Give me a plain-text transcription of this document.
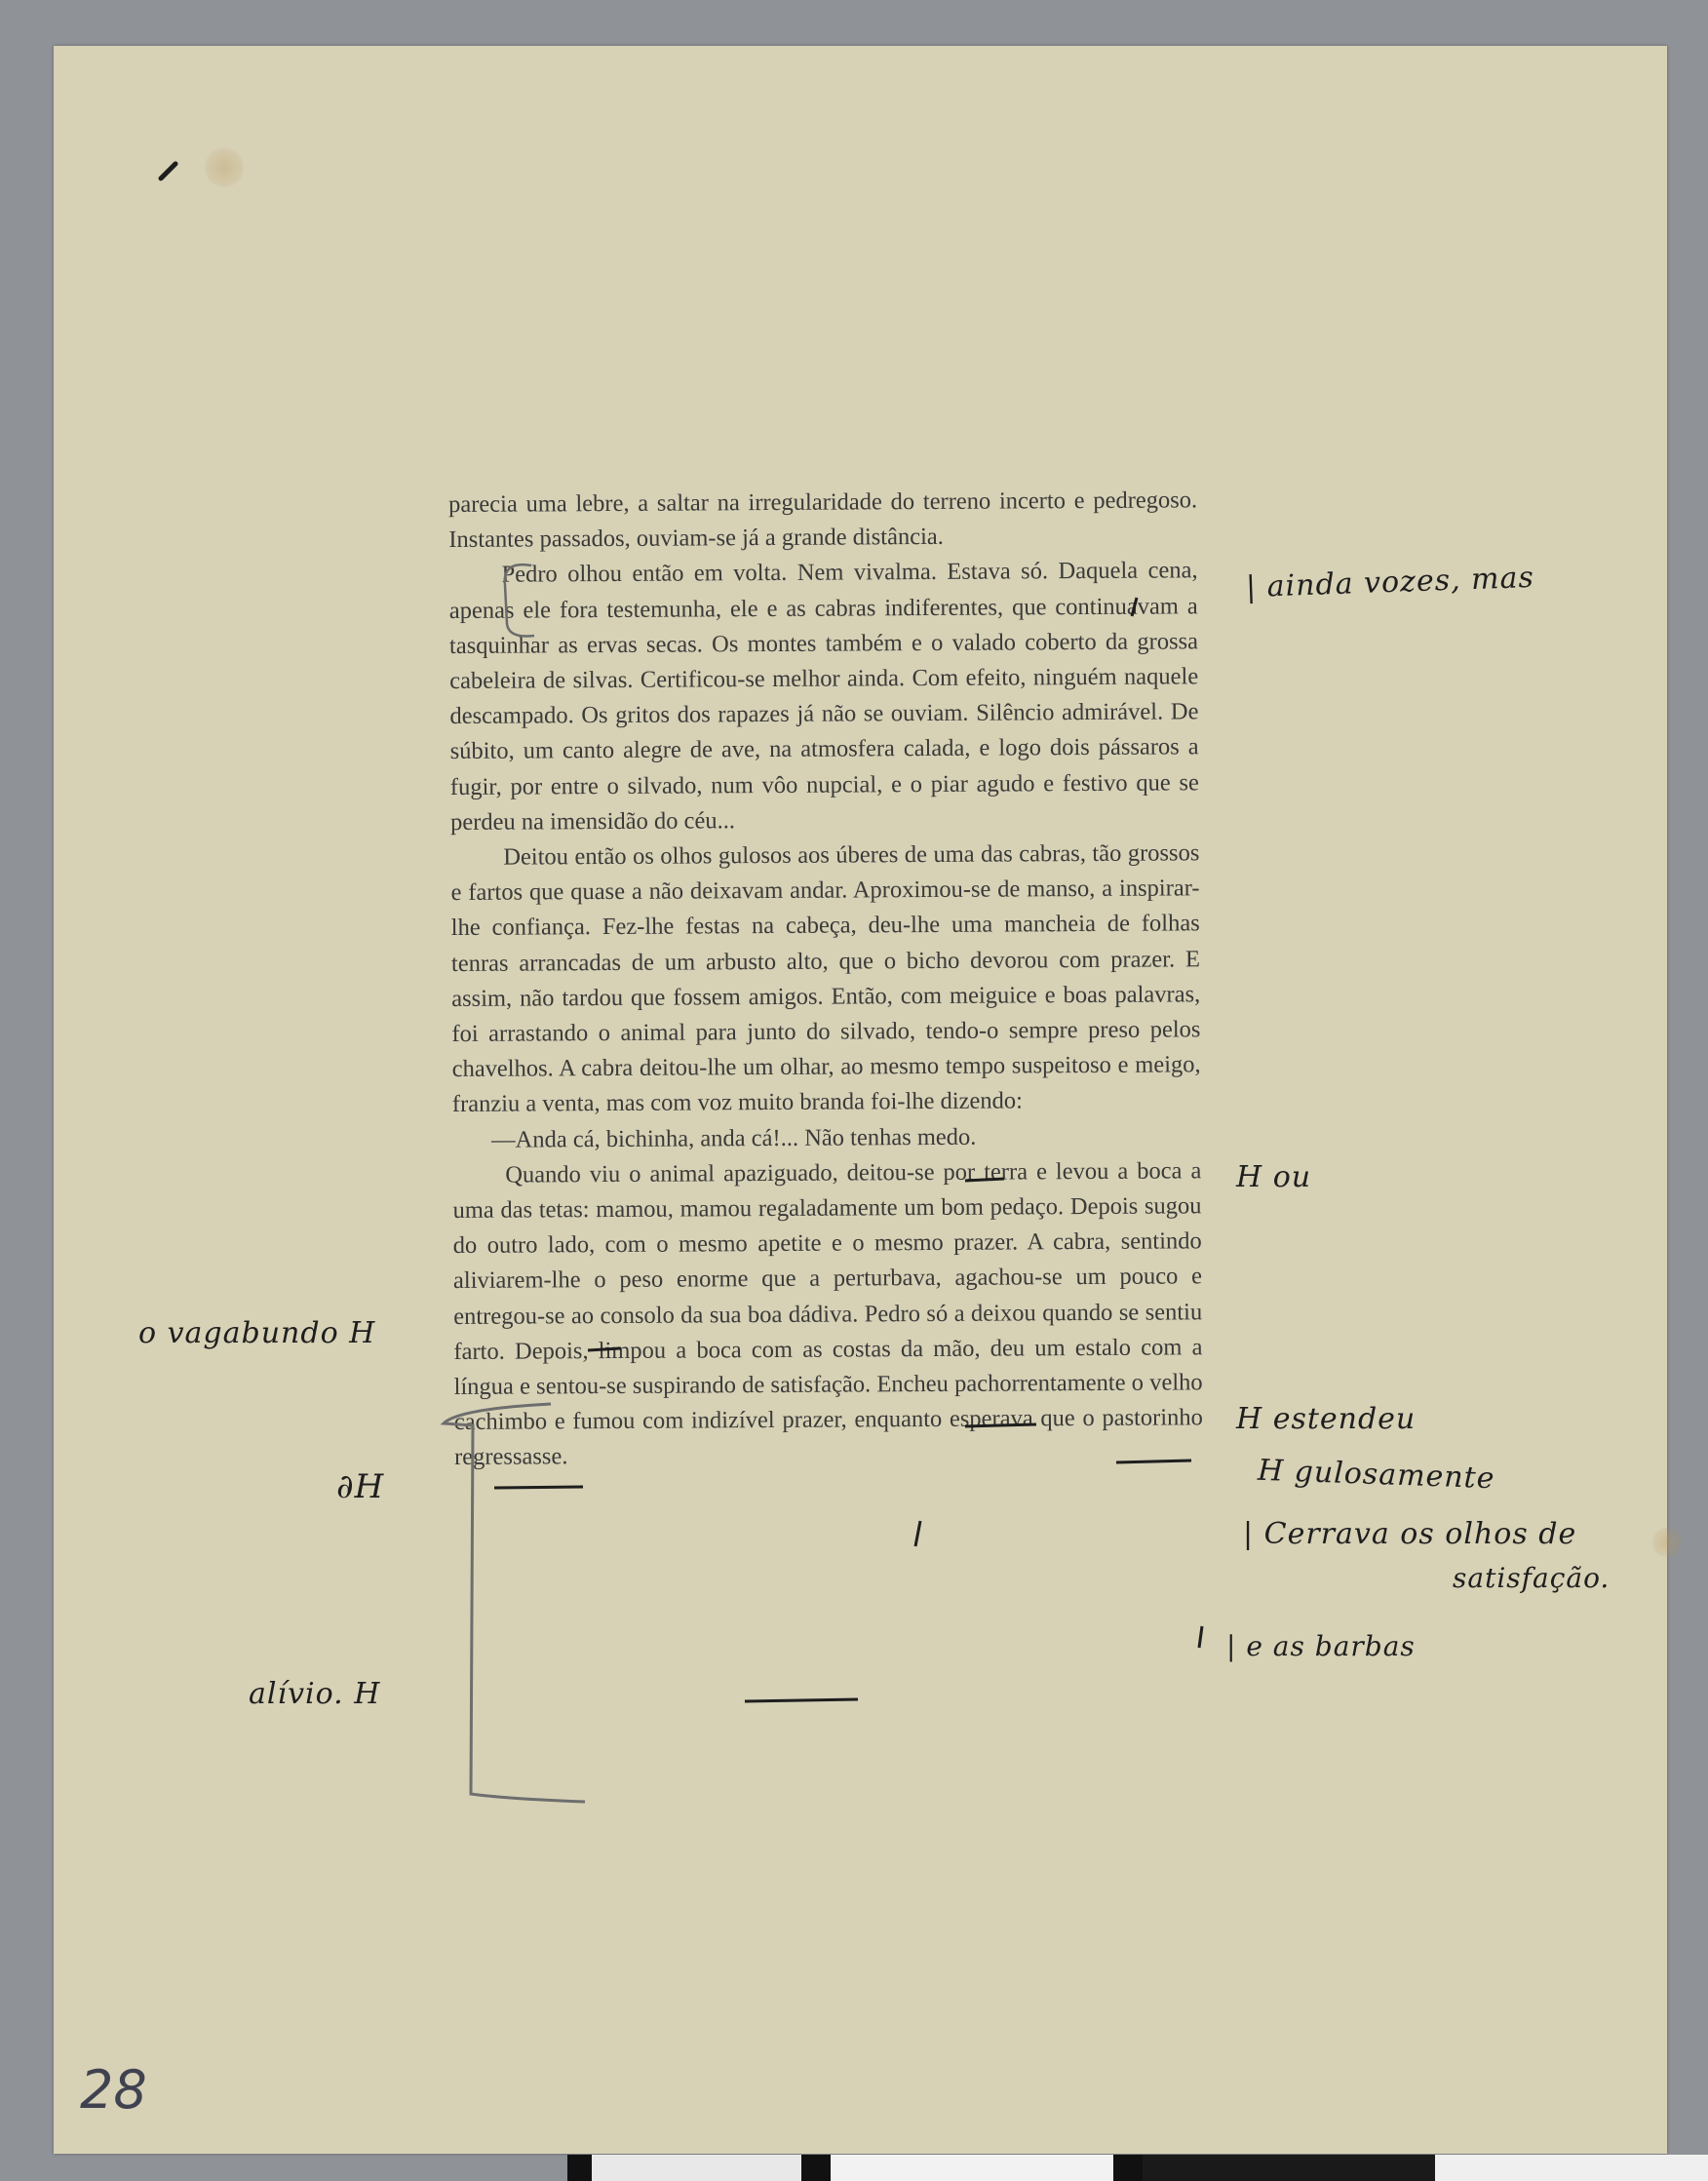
parecia uma lebre, a saltar na irregularidade do terreno incerto e pedregoso. Instantes passados, ouviam-se já a grande distância.

Pedro olhou então em volta. Nem vivalma. Estava só. Daquela cena, apenas ele fora testemunha, ele e as cabras indiferentes, que continuavam a tasquinhar as ervas secas. Os montes também e o valado coberto da grossa cabeleira de silvas. Certificou-se melhor ainda. Com efeito, ninguém naquele descampado. Os gritos dos rapazes já não se ouviam. Silêncio admirável. De súbito, um canto alegre de ave, na atmosfera calada, e logo dois pássaros a fugir, por entre o silvado, num vôo nupcial, e o piar agudo e festivo que se perdeu na imensidão do céu...

Deitou então os olhos gulosos aos úberes de uma das cabras, tão grossos e fartos que quase a não deixavam andar. Aproximou-se de manso, a inspirar-lhe confiança. Fez-lhe festas na cabeça, deu-lhe uma mancheia de folhas tenras arrancadas de um arbusto alto, que o bicho devorou com prazer. E assim, não tardou que fossem amigos. Então, com meiguice e boas palavras, foi arrastando o animal para junto do silvado, tendo-o sempre preso pelos chavelhos. A cabra deitou-lhe um olhar, ao mesmo tempo suspeitoso e meigo, franziu a venta, mas com voz muito branda foi-lhe dizendo:

—Anda cá, bichinha, anda cá!... Não tenhas medo.

Quando viu o animal apaziguado, deitou-se por terra e levou a boca a uma das tetas: mamou, mamou regaladamente um bom pedaço. Depois sugou do outro lado, com o mesmo apetite e o mesmo prazer. A cabra, sentindo aliviarem-lhe o peso enorme que a perturbava, agachou-se um pouco e entregou-se ao consolo da sua boa dádiva. Pedro só a deixou quando se sentiu farto. Depois, limpou a boca com as costas da mão, deu um estalo com a língua e sentou-se suspirando de satisfação. Encheu pachorrentamente o velho cachimbo e fumou com indizível prazer, enquanto esperava que o pastorinho regressasse.

| ainda vozes, mas
H ou
H estendeu
H gulosamente
| Cerrava os olhos de
satisfação.
| e as barbas
o vagabundo H
∂H
alívio. H
28
